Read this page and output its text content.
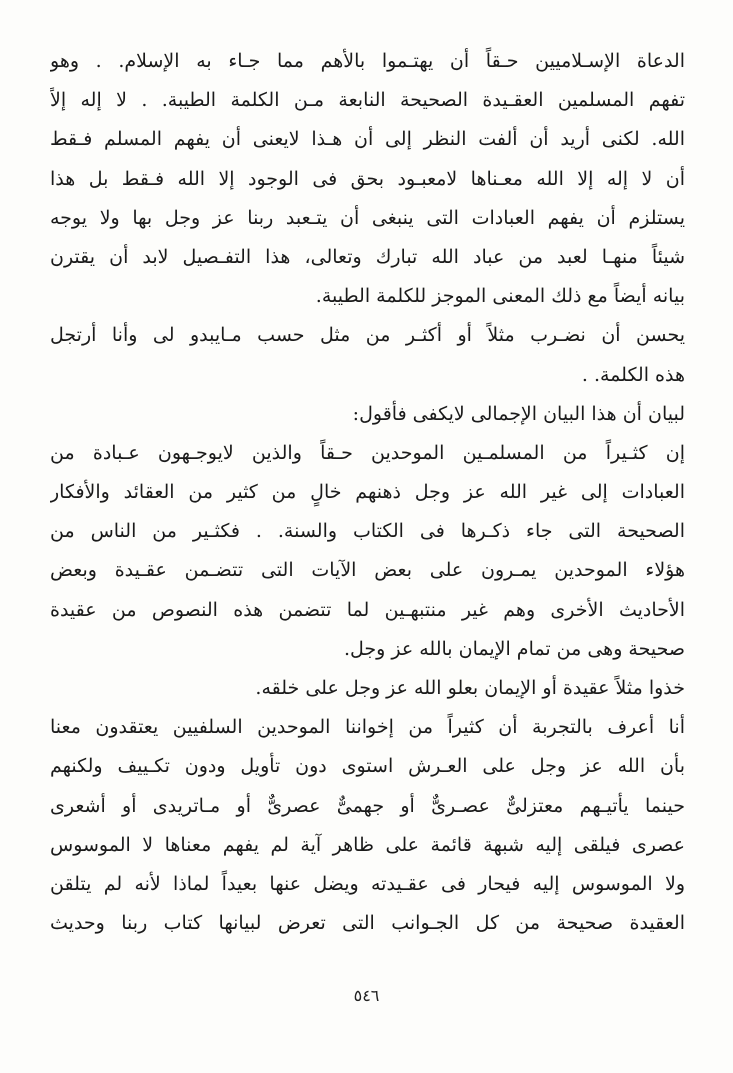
الدعاة الإسـلاميين حـقاً أن يهتـموا بالأهم مما جـاء به الإسلام. . وهو
تفهم المسلمين العقـيدة الصحيحة النابعة مـن الكلمة الطيبة. . لا إله إلاً
الله. لكنى أريد أن ألفت النظر إلى أن هـذا لايعنى أن يفهم المسلم فـقط
أن لا إله إلا الله معـناها لامعبـود بحق فى الوجود إلا الله فـقط بل هذا
يستلزم أن يفهم العبادات التى ينبغى أن يتـعبد ربنا عز وجل بها ولا يوجه
شيئاً منهـا لعبد من عباد الله تبارك وتعالى، هذا التفـصيل لابد أن يقترن
بيانه أيضاً مع ذلك المعنى الموجز للكلمة الطيبة.
يحسن أن نضـرب مثلاً أو أكثـر من مثل حسب مـايبدو لى وأنا أرتجل
هذه الكلمة. .
لبيان أن هذا البيان الإجمالى لايكفى فأقول:
إن كثـيراً من المسلمـين الموحدين حـقاً والذين لايوجـهون عـبادة من
العبادات إلى غير الله عز وجل ذهنهم خالٍ من كثير من العقائد والأفكار
الصحيحة التى جاء ذكـرها فى الكتاب والسنة. . فكثـير من الناس من
هؤلاء الموحدين يمـرون على بعض الآيات التى تتضـمن عقـيدة وبعض
الأحاديث الأخرى وهم غير منتبهـين لما تتضمن هذه النصوص من عقيدة
صحيحة وهى من تمام الإيمان بالله عز وجل.
خذوا مثلاً عقيدة أو الإيمان بعلو الله عز وجل على خلقه.
أنا أعرف بالتجربة أن كثيراً من إخواننا الموحدين السلفيين يعتقدون معنا
بأن الله عز وجل على العـرش استوى دون تأويل ودون تكـييف ولكنهم
حينما يأتيـهم معتزلىٌّ عصـرىٌّ أو جهمىٌّ عصرىٌّ أو مـاتريدى أو أشعرى
عصرى فيلقى إليه شبهة قائمة على ظاهر آية لم يفهم معناها لا الموسوس
ولا الموسوس إليه فيحار فى عقـيدته ويضل عنها بعيداً لماذا لأنه لم يتلقن
العقيدة صحيحة من كل الجـوانب التى تعرض لبيانها كتاب ربنا وحديث
٥٤٦
